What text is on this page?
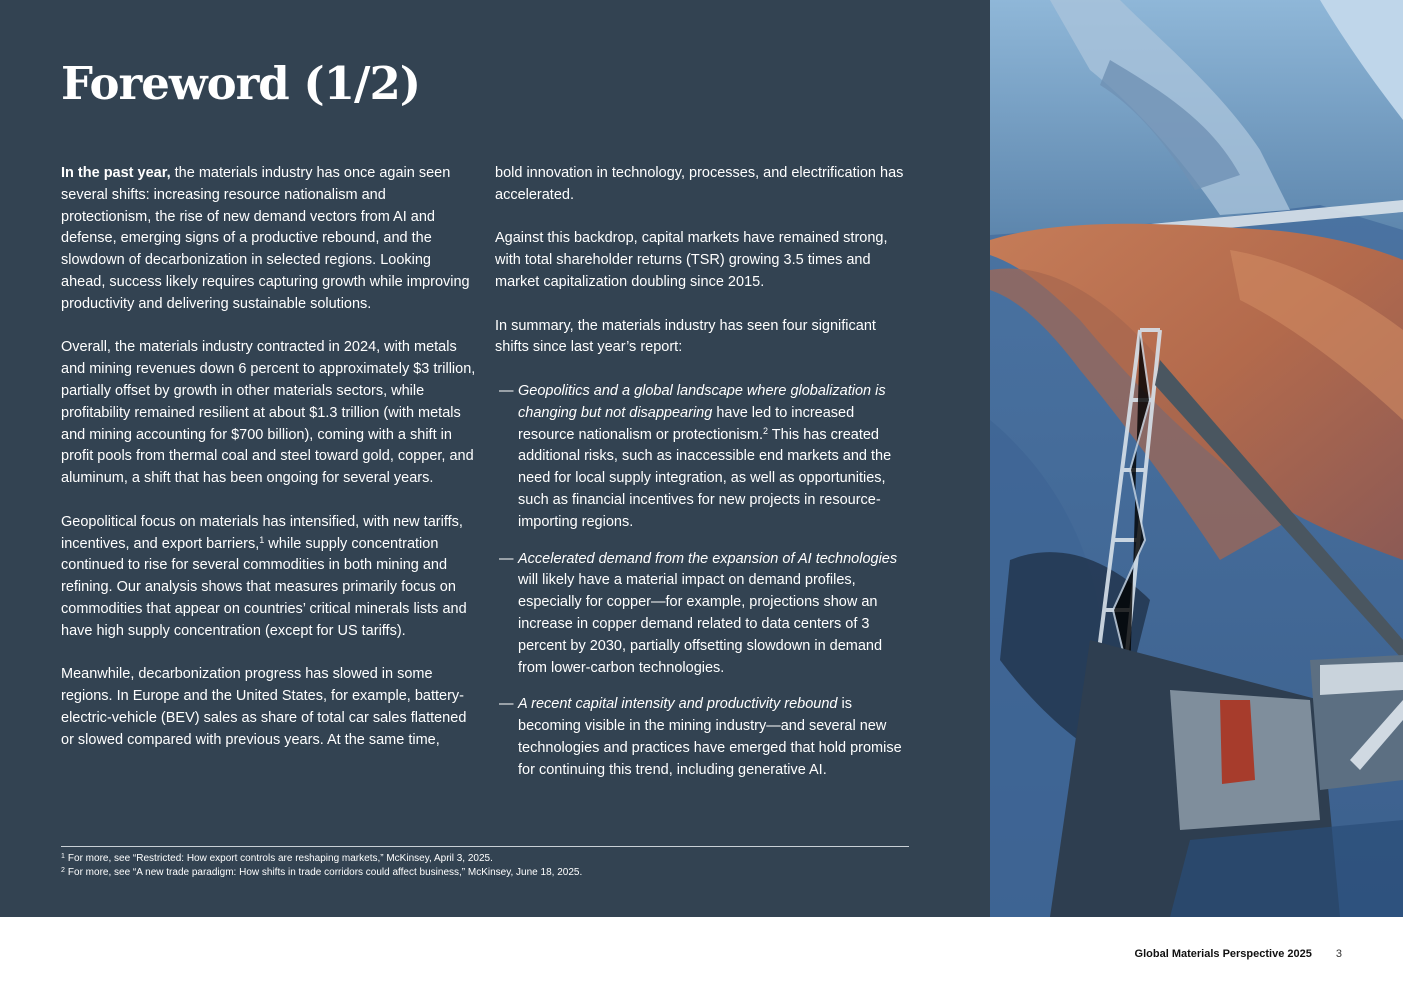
Foreword (1/2)

In the past year, the materials industry has once again seen several shifts: increasing resource nationalism and protectionism, the rise of new demand vectors from AI and defense, emerging signs of a productive rebound, and the slowdown of decarbonization in selected regions. Looking ahead, success likely requires capturing growth while improving productivity and delivering sustainable solutions.

Overall, the materials industry contracted in 2024, with metals and mining revenues down 6 percent to approximately $3 trillion, partially offset by growth in other materials sectors, while profitability remained resilient at about $1.3 trillion (with metals and mining accounting for $700 billion), coming with a shift in profit pools from thermal coal and steel toward gold, copper, and aluminum, a shift that has been ongoing for several years.

Geopolitical focus on materials has intensified, with new tariffs, incentives, and export barriers,$^1$ while supply concentration continued to rise for several commodities in both mining and refining. Our analysis shows that measures primarily focus on commodities that appear on countries’ critical minerals lists and have high supply concentration (except for US tariffs).

Meanwhile, decarbonization progress has slowed in some regions. In Europe and the United States, for example, battery-electric-vehicle (BEV) sales as share of total car sales flattened or slowed compared with previous years. At the same time,

bold innovation in technology, processes, and electrification has accelerated.

Against this backdrop, capital markets have remained strong, with total shareholder returns (TSR) growing 3.5 times and market capitalization doubling since 2015.

In summary, the materials industry has seen four significant shifts since last year’s report:

— Geopolitics and a global landscape where globalization is changing but not disappearing have led to increased resource nationalism or protectionism.$^2$ This has created additional risks, such as inaccessible end markets and the need for local supply integration, as well as opportunities, such as financial incentives for new projects in resource-importing regions.
— Accelerated demand from the expansion of AI technologies will likely have a material impact on demand profiles, especially for copper—for example, projections show an increase in copper demand related to data centers of 3 percent by 2030, partially offsetting slowdown in demand from lower-carbon technologies.
— A recent capital intensity and productivity rebound is becoming visible in the mining industry—and several new technologies and practices have emerged that hold promise for continuing this trend, including generative AI.
$^1$ For more, see “Restricted: How export controls are reshaping markets,” McKinsey, April 3, 2025.
$^2$ For more, see “A new trade paradigm: How shifts in trade corridors could affect business,” McKinsey, June 18, 2025.
Global Materials Perspective 2025 3
